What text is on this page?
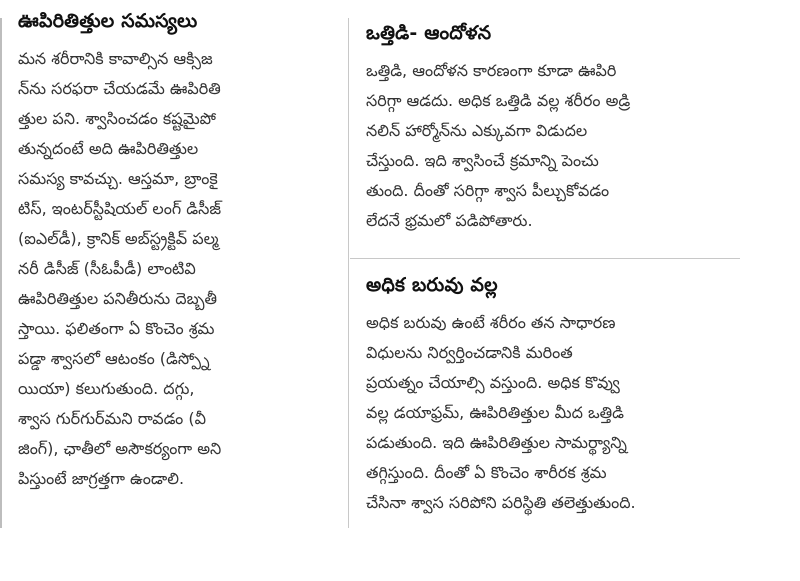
ఊపిరితిత్తుల సమస్యలు
మన శరీరానికి కావాల్సిన ఆక్సిజ
న్‌ను సరఫరా చేయడమే ఊపిరితి
త్తుల పని. శ్వాసించడం కష్టమైపో
తున్నదంటే అది ఊపిరితిత్తుల
సమస్య కావచ్చు. ఆస్తమా, బ్రాంకై
టిస్, ఇంటర్‌స్టీషియల్ లంగ్ డిసీజ్
(ఐఎల్‌డీ), క్రానిక్ అబ్‌స్ట్రక్టివ్ పల్మ
నరీ డిసీజ్ (సీఓపీడీ) లాంటివి
ఊపిరితిత్తుల పనితీరును దెబ్బతీ
స్తాయి. ఫలితంగా ఏ కొంచెం శ్రమ
పడ్డా శ్వాసలో ఆటంకం (డిస్ప్నో
యియా) కలుగుతుంది. దగ్గు,
శ్వాస గుర్‌గుర్‌మని రావడం (వీ
జింగ్), ఛాతీలో అసౌకర్యంగా అని
పిస్తుంటే జాగ్రత్తగా ఉండాలి.
ఒత్తిడి- ఆందోళన
ఒత్తిడి, ఆందోళన కారణంగా కూడా ఊపిరి
సరిగ్గా ఆడదు. అధిక ఒత్తిడి వల్ల శరీరం అడ్రి
నలిన్ హార్మోన్‌ను ఎక్కువగా విడుదల
చేస్తుంది. ఇది శ్వాసించే క్రమాన్ని పెంచు
తుంది. దీంతో సరిగ్గా శ్వాస పీల్చుకోవడం
లేదనే భ్రమలో పడిపోతారు.
అధిక బరువు వల్ల
అధిక బరువు ఉంటే శరీరం తన సాధారణ
విధులను నిర్వర్తించడానికి మరింత
ప్రయత్నం చేయాల్సి వస్తుంది. అధిక కొవ్వు
వల్ల డయాఫ్రమ్, ఊపిరితిత్తుల మీద ఒత్తిడి
పడుతుంది. ఇది ఊపిరితిత్తుల సామర్థ్యాన్ని
తగ్గిస్తుంది. దీంతో ఏ కొంచెం శారీరక శ్రమ
చేసినా శ్వాస సరిపోని పరిస్థితి తలెత్తుతుంది.
